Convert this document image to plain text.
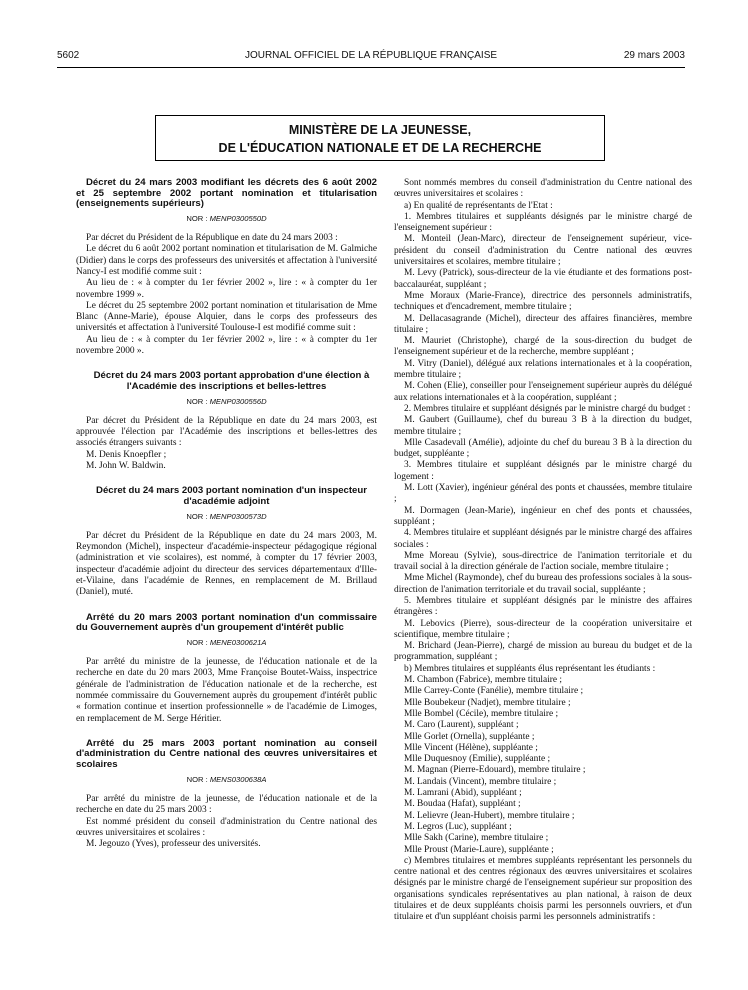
5602	JOURNAL OFFICIEL DE LA RÉPUBLIQUE FRANÇAISE	29 mars 2003
MINISTÈRE DE LA JEUNESSE,
DE L'ÉDUCATION NATIONALE ET DE LA RECHERCHE

Décret du 24 mars 2003 modifiant les décrets des 6 août 2002 et 25 septembre 2002 portant nomination et titularisation (enseignements supérieurs)

NOR : MENP0300550D

Par décret du Président de la République en date du 24 mars 2003 :

Le décret du 6 août 2002 portant nomination et titularisation de M. Galmiche (Didier) dans le corps des professeurs des universités et affectation à l'université Nancy-I est modifié comme suit :

Au lieu de : « à compter du 1er février 2002 », lire : « à compter du 1er novembre 1999 ».

Le décret du 25 septembre 2002 portant nomination et titularisation de Mme Blanc (Anne-Marie), épouse Alquier, dans le corps des professeurs des universités et affectation à l'université Toulouse-I est modifié comme suit :

Au lieu de : « à compter du 1er février 2002 », lire : « à compter du 1er novembre 2000 ».

Décret du 24 mars 2003 portant approbation d'une élection à l'Académie des inscriptions et belles-lettres

NOR : MENP0300556D

Par décret du Président de la République en date du 24 mars 2003, est approuvée l'élection par l'Académie des inscriptions et belles-lettres des associés étrangers suivants :

M. Denis Knoepfler ;

M. John W. Baldwin.

Décret du 24 mars 2003 portant nomination d'un inspecteur d'académie adjoint

NOR : MENP0300573D

Par décret du Président de la République en date du 24 mars 2003, M. Reymondon (Michel), inspecteur d'académie-inspecteur pédagogique régional (administration et vie scolaires), est nommé, à compter du 17 février 2003, inspecteur d'académie adjoint du directeur des services départementaux d'Ille-et-Vilaine, dans l'académie de Rennes, en remplacement de M. Brillaud (Daniel), muté.

Arrêté du 20 mars 2003 portant nomination d'un commissaire du Gouvernement auprès d'un groupement d'intérêt public

NOR : MENE0300621A

Par arrêté du ministre de la jeunesse, de l'éducation nationale et de la recherche en date du 20 mars 2003, Mme Françoise Boutet-Waiss, inspectrice générale de l'administration de l'éducation nationale et de la recherche, est nommée commissaire du Gouvernement auprès du groupement d'intérêt public « formation continue et insertion professionnelle » de l'académie de Limoges, en remplacement de M. Serge Héritier.

Arrêté du 25 mars 2003 portant nomination au conseil d'administration du Centre national des œuvres universitaires et scolaires

NOR : MENS0300638A

Par arrêté du ministre de la jeunesse, de l'éducation nationale et de la recherche en date du 25 mars 2003 :

Est nommé président du conseil d'administration du Centre national des œuvres universitaires et scolaires :

M. Jegouzo (Yves), professeur des universités.

Sont nommés membres du conseil d'administration du Centre national des œuvres universitaires et scolaires :

a) En qualité de représentants de l'Etat :

1. Membres titulaires et suppléants désignés par le ministre chargé de l'enseignement supérieur :

M. Monteil (Jean-Marc), directeur de l'enseignement supérieur, vice-président du conseil d'administration du Centre national des œuvres universitaires et scolaires, membre titulaire ;

M. Levy (Patrick), sous-directeur de la vie étudiante et des formations post-baccalauréat, suppléant ;

Mme Moraux (Marie-France), directrice des personnels administratifs, techniques et d'encadrement, membre titulaire ;

M. Dellacasagrande (Michel), directeur des affaires financières, membre titulaire ;

M. Mauriet (Christophe), chargé de la sous-direction du budget de l'enseignement supérieur et de la recherche, membre suppléant ;

M. Vitry (Daniel), délégué aux relations internationales et à la coopération, membre titulaire ;

M. Cohen (Elie), conseiller pour l'enseignement supérieur auprès du délégué aux relations internationales et à la coopération, suppléant ;

2. Membres titulaire et suppléant désignés par le ministre chargé du budget :

M. Gaubert (Guillaume), chef du bureau 3 B à la direction du budget, membre titulaire ;

Mlle Casadevall (Amélie), adjointe du chef du bureau 3 B à la direction du budget, suppléante ;

3. Membres titulaire et suppléant désignés par le ministre chargé du logement :

M. Lott (Xavier), ingénieur général des ponts et chaussées, membre titulaire ;

M. Dormagen (Jean-Marie), ingénieur en chef des ponts et chaussées, suppléant ;

4. Membres titulaire et suppléant désignés par le ministre chargé des affaires sociales :

Mme Moreau (Sylvie), sous-directrice de l'animation territoriale et du travail social à la direction générale de l'action sociale, membre titulaire ;

Mme Michel (Raymonde), chef du bureau des professions sociales à la sous-direction de l'animation territoriale et du travail social, suppléante ;

5. Membres titulaire et suppléant désignés par le ministre des affaires étrangères :

M. Lebovics (Pierre), sous-directeur de la coopération universitaire et scientifique, membre titulaire ;

M. Brichard (Jean-Pierre), chargé de mission au bureau du budget et de la programmation, suppléant ;

b) Membres titulaires et suppléants élus représentant les étudiants :

M. Chambon (Fabrice), membre titulaire ;

Mlle Carrey-Conte (Fanélie), membre titulaire ;

Mlle Boubekeur (Nadjet), membre titulaire ;

Mlle Bombel (Cécile), membre titulaire ;

M. Caro (Laurent), suppléant ;

Mlle Gorlet (Ornella), suppléante ;

Mlle Vincent (Hélène), suppléante ;

Mlle Duquesnoy (Emilie), suppléante ;

M. Magnan (Pierre-Edouard), membre titulaire ;

M. Landais (Vincent), membre titulaire ;

M. Lamrani (Abid), suppléant ;

M. Boudaa (Hafat), suppléant ;

M. Lelievre (Jean-Hubert), membre titulaire ;

M. Legros (Luc), suppléant ;

Mlle Sakh (Carine), membre titulaire ;

Mlle Proust (Marie-Laure), suppléante ;

c) Membres titulaires et membres suppléants représentant les personnels du centre national et des centres régionaux des œuvres universitaires et scolaires désignés par le ministre chargé de l'enseignement supérieur sur proposition des organisations syndicales représentatives au plan national, à raison de deux titulaires et de deux suppléants choisis parmi les personnels ouvriers, et d'un titulaire et d'un suppléant choisis parmi les personnels administratifs :
